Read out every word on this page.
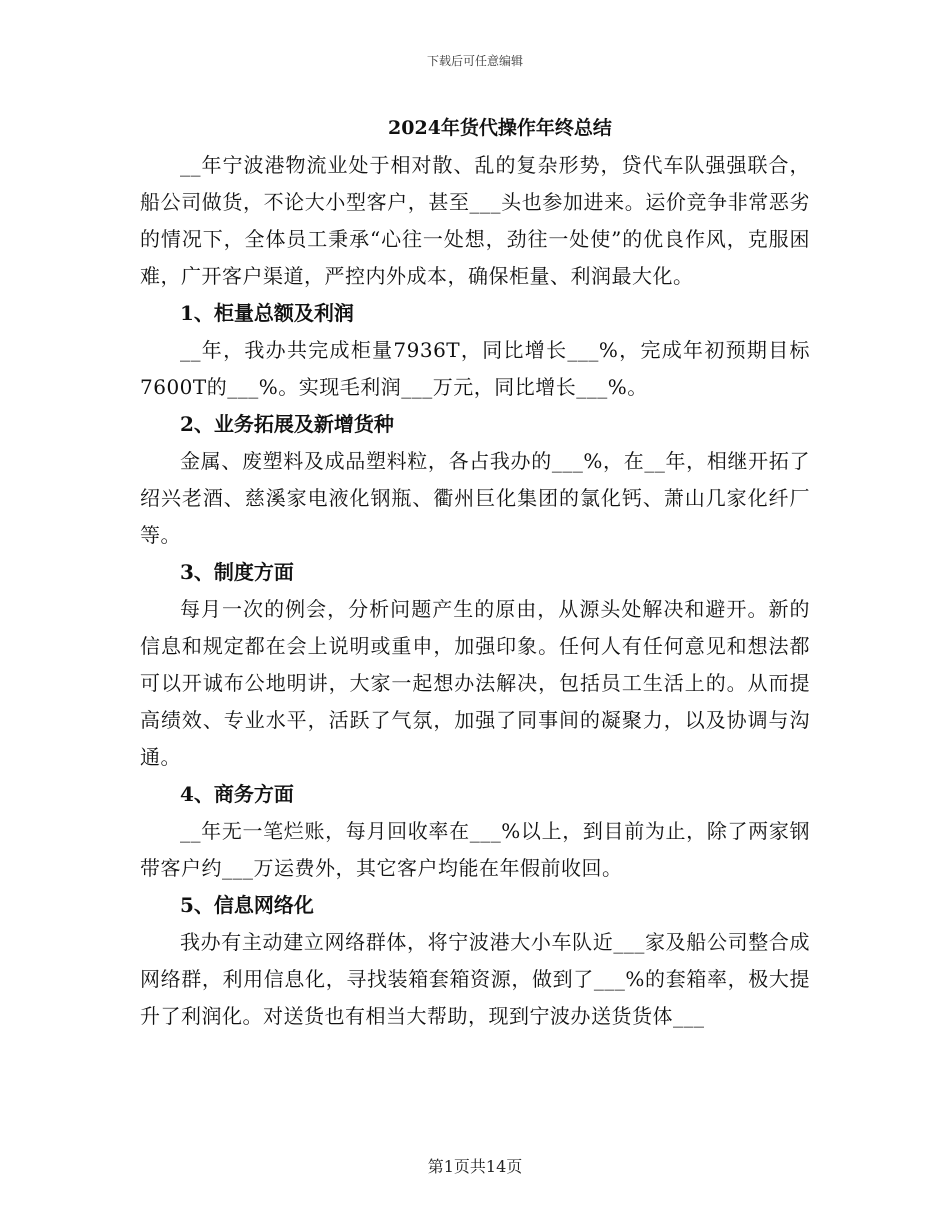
下载后可任意编辑

2024年货代操作年终总结

__年宁波港物流业处于相对散、乱的复杂形势，贷代车队强强联合，船公司做货，不论大小型客户，甚至___头也参加进来。运价竞争非常恶劣的情况下，全体员工秉承“心往一处想，劲往一处使”的优良作风，克服困难，广开客户渠道，严控内外成本，确保柜量、利润最大化。

1、柜量总额及利润

__年，我办共完成柜量7936T，同比增长___%，完成年初预期目标7600T的___%。实现毛利润___万元，同比增长___%。

2、业务拓展及新增货种

金属、废塑料及成品塑料粒，各占我办的___%，在__年，相继开拓了绍兴老酒、慈溪家电液化钢瓶、衢州巨化集团的氯化钙、萧山几家化纤厂等。

3、制度方面

每月一次的例会，分析问题产生的原由，从源头处解决和避开。新的信息和规定都在会上说明或重申，加强印象。任何人有任何意见和想法都可以开诚布公地明讲，大家一起想办法解决，包括员工生活上的。从而提高绩效、专业水平，活跃了气氛，加强了同事间的凝聚力，以及协调与沟通。

4、商务方面

__年无一笔烂账，每月回收率在___%以上，到目前为止，除了两家钢带客户约___万运费外，其它客户均能在年假前收回。

5、信息网络化

我办有主动建立网络群体，将宁波港大小车队近___家及船公司整合成网络群，利用信息化，寻找装箱套箱资源，做到了___%的套箱率，极大提升了利润化。对送货也有相当大帮助，现到宁波办送货货体___

第1页共14页
